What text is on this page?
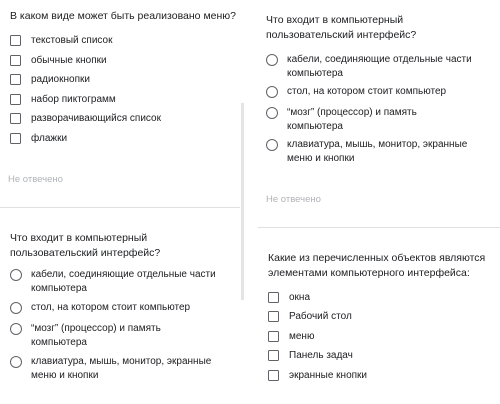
В каком виде может быть реализовано меню?
текстовый список
обычные кнопки
радиокнопки
набор пиктограмм
разворачивающийся список
флажки
Не отвечено
Что входит в компьютерный
пользовательский интерфейс?
кабели, соединяющие отдельные части
компьютера
стол, на котором стоит компьютер
“мозг” (процессор) и память
компьютера
клавиатура, мышь, монитор, экранные
меню и кнопки
Не отвечено
Что входит в компьютерный
пользовательский интерфейс?
кабели, соединяющие отдельные части
компьютера
стол, на котором стоит компьютер
“мозг” (процессор) и память
компьютера
клавиатура, мышь, монитор, экранные
меню и кнопки
Какие из перечисленных объектов являются
элементами компьютерного интерфейса:
окна
Рабочий стол
меню
Панель задач
экранные кнопки
